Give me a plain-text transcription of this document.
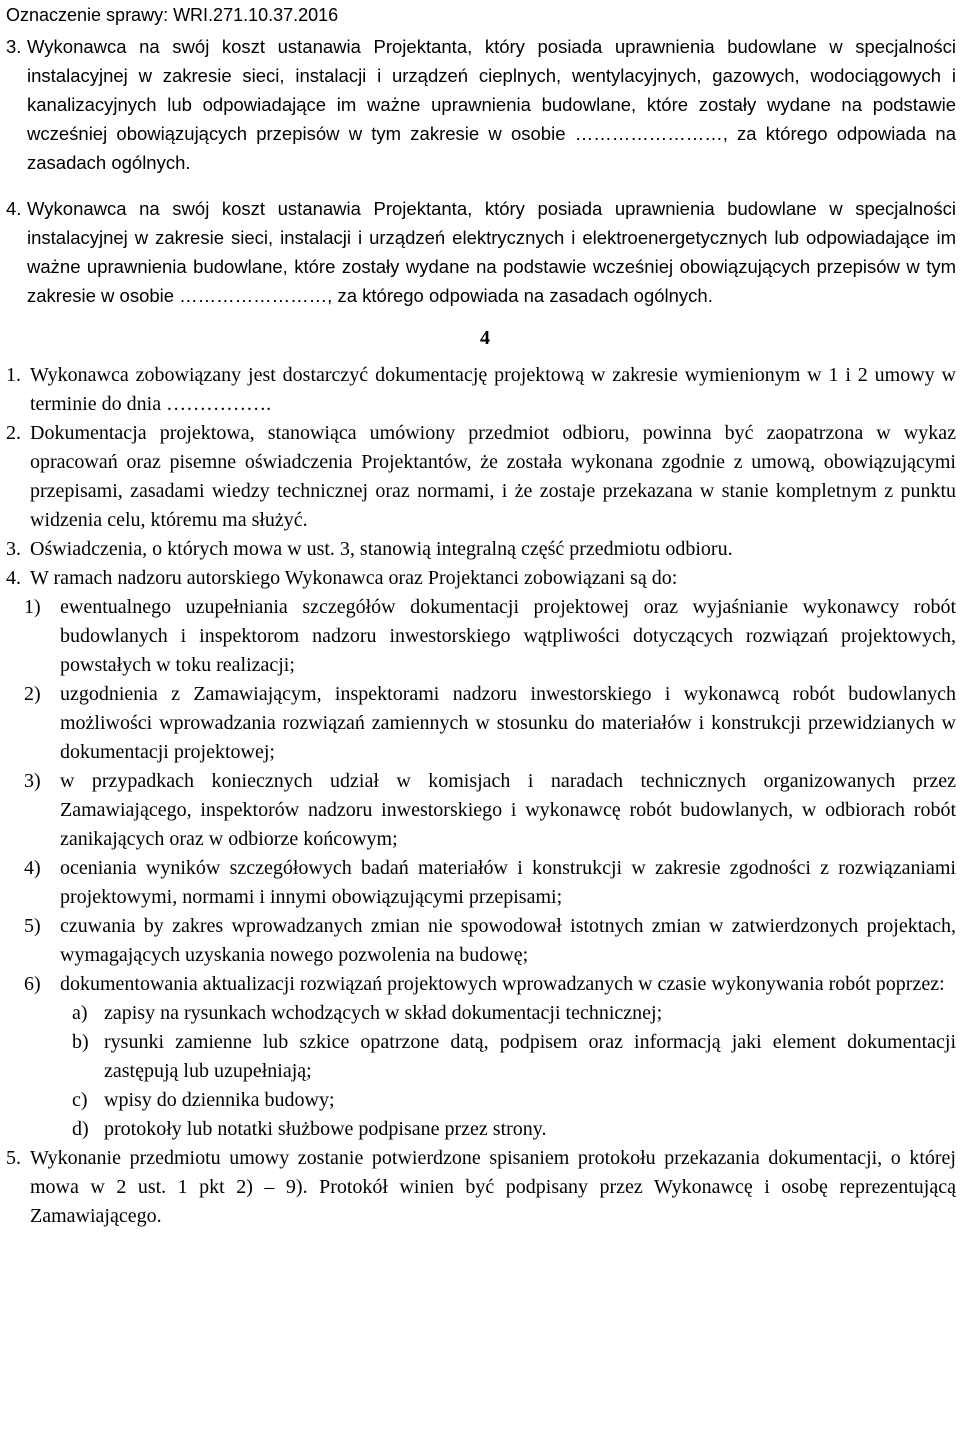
Oznaczenie sprawy: WRI.271.10.37.2016
3. Wykonawca na swój koszt ustanawia Projektanta, który posiada uprawnienia budowlane w specjalności instalacyjnej w zakresie sieci, instalacji i urządzeń cieplnych, wentylacyjnych, gazowych, wodociągowych i kanalizacyjnych lub odpowiadające im ważne uprawnienia budowlane, które zostały wydane na podstawie wcześniej obowiązujących przepisów w tym zakresie w osobie ……………………, za którego odpowiada na zasadach ogólnych.
4. Wykonawca na swój koszt ustanawia Projektanta, który posiada uprawnienia budowlane w specjalności instalacyjnej w zakresie sieci, instalacji i urządzeń elektrycznych i elektroenergetycznych lub odpowiadające im ważne uprawnienia budowlane, które zostały wydane na podstawie wcześniej obowiązujących przepisów w tym zakresie w osobie ……………………, za którego odpowiada na zasadach ogólnych.
4
1. Wykonawca zobowiązany jest dostarczyć dokumentację projektową w zakresie wymienionym w 1 i 2 umowy w terminie do dnia …………….
2. Dokumentacja projektowa, stanowiąca umówiony przedmiot odbioru, powinna być zaopatrzona w wykaz opracowań oraz pisemne oświadczenia Projektantów, że została wykonana zgodnie z umową, obowiązującymi przepisami, zasadami wiedzy technicznej oraz normami, i że zostaje przekazana w stanie kompletnym z punktu widzenia celu, któremu ma służyć.
3. Oświadczenia, o których mowa w ust. 3, stanowią integralną część przedmiotu odbioru.
4. W ramach nadzoru autorskiego Wykonawca oraz Projektanci zobowiązani są do:
1) ewentualnego uzupełniania szczegółów dokumentacji projektowej oraz wyjaśnianie wykonawcy robót budowlanych i inspektorom nadzoru inwestorskiego wątpliwości dotyczących rozwiązań projektowych, powstałych w toku realizacji;
2) uzgodnienia z Zamawiającym, inspektorami nadzoru inwestorskiego i wykonawcą robót budowlanych możliwości wprowadzania rozwiązań zamiennych w stosunku do materiałów i konstrukcji przewidzianych w dokumentacji projektowej;
3) w przypadkach koniecznych udział w komisjach i naradach technicznych organizowanych przez Zamawiającego, inspektorów nadzoru inwestorskiego i wykonawcę robót budowlanych, w odbiorach robót zanikających oraz w odbiorze końcowym;
4) oceniania wyników szczegółowych badań materiałów i konstrukcji w zakresie zgodności z rozwiązaniami projektowymi, normami i innymi obowiązującymi przepisami;
5) czuwania by zakres wprowadzanych zmian nie spowodował istotnych zmian w zatwierdzonych projektach, wymagających uzyskania nowego pozwolenia na budowę;
6) dokumentowania aktualizacji rozwiązań projektowych wprowadzanych w czasie wykonywania robót poprzez:
a) zapisy na rysunkach wchodzących w skład dokumentacji technicznej;
b) rysunki zamienne lub szkice opatrzone datą, podpisem oraz informacją jaki element dokumentacji zastępują lub uzupełniają;
c) wpisy do dziennika budowy;
d) protokoły lub notatki służbowe podpisane przez strony.
5. Wykonanie przedmiotu umowy zostanie potwierdzone spisaniem protokołu przekazania dokumentacji, o której mowa w 2 ust. 1 pkt 2) – 9). Protokół winien być podpisany przez Wykonawcę i osobę reprezentującą Zamawiającego.
